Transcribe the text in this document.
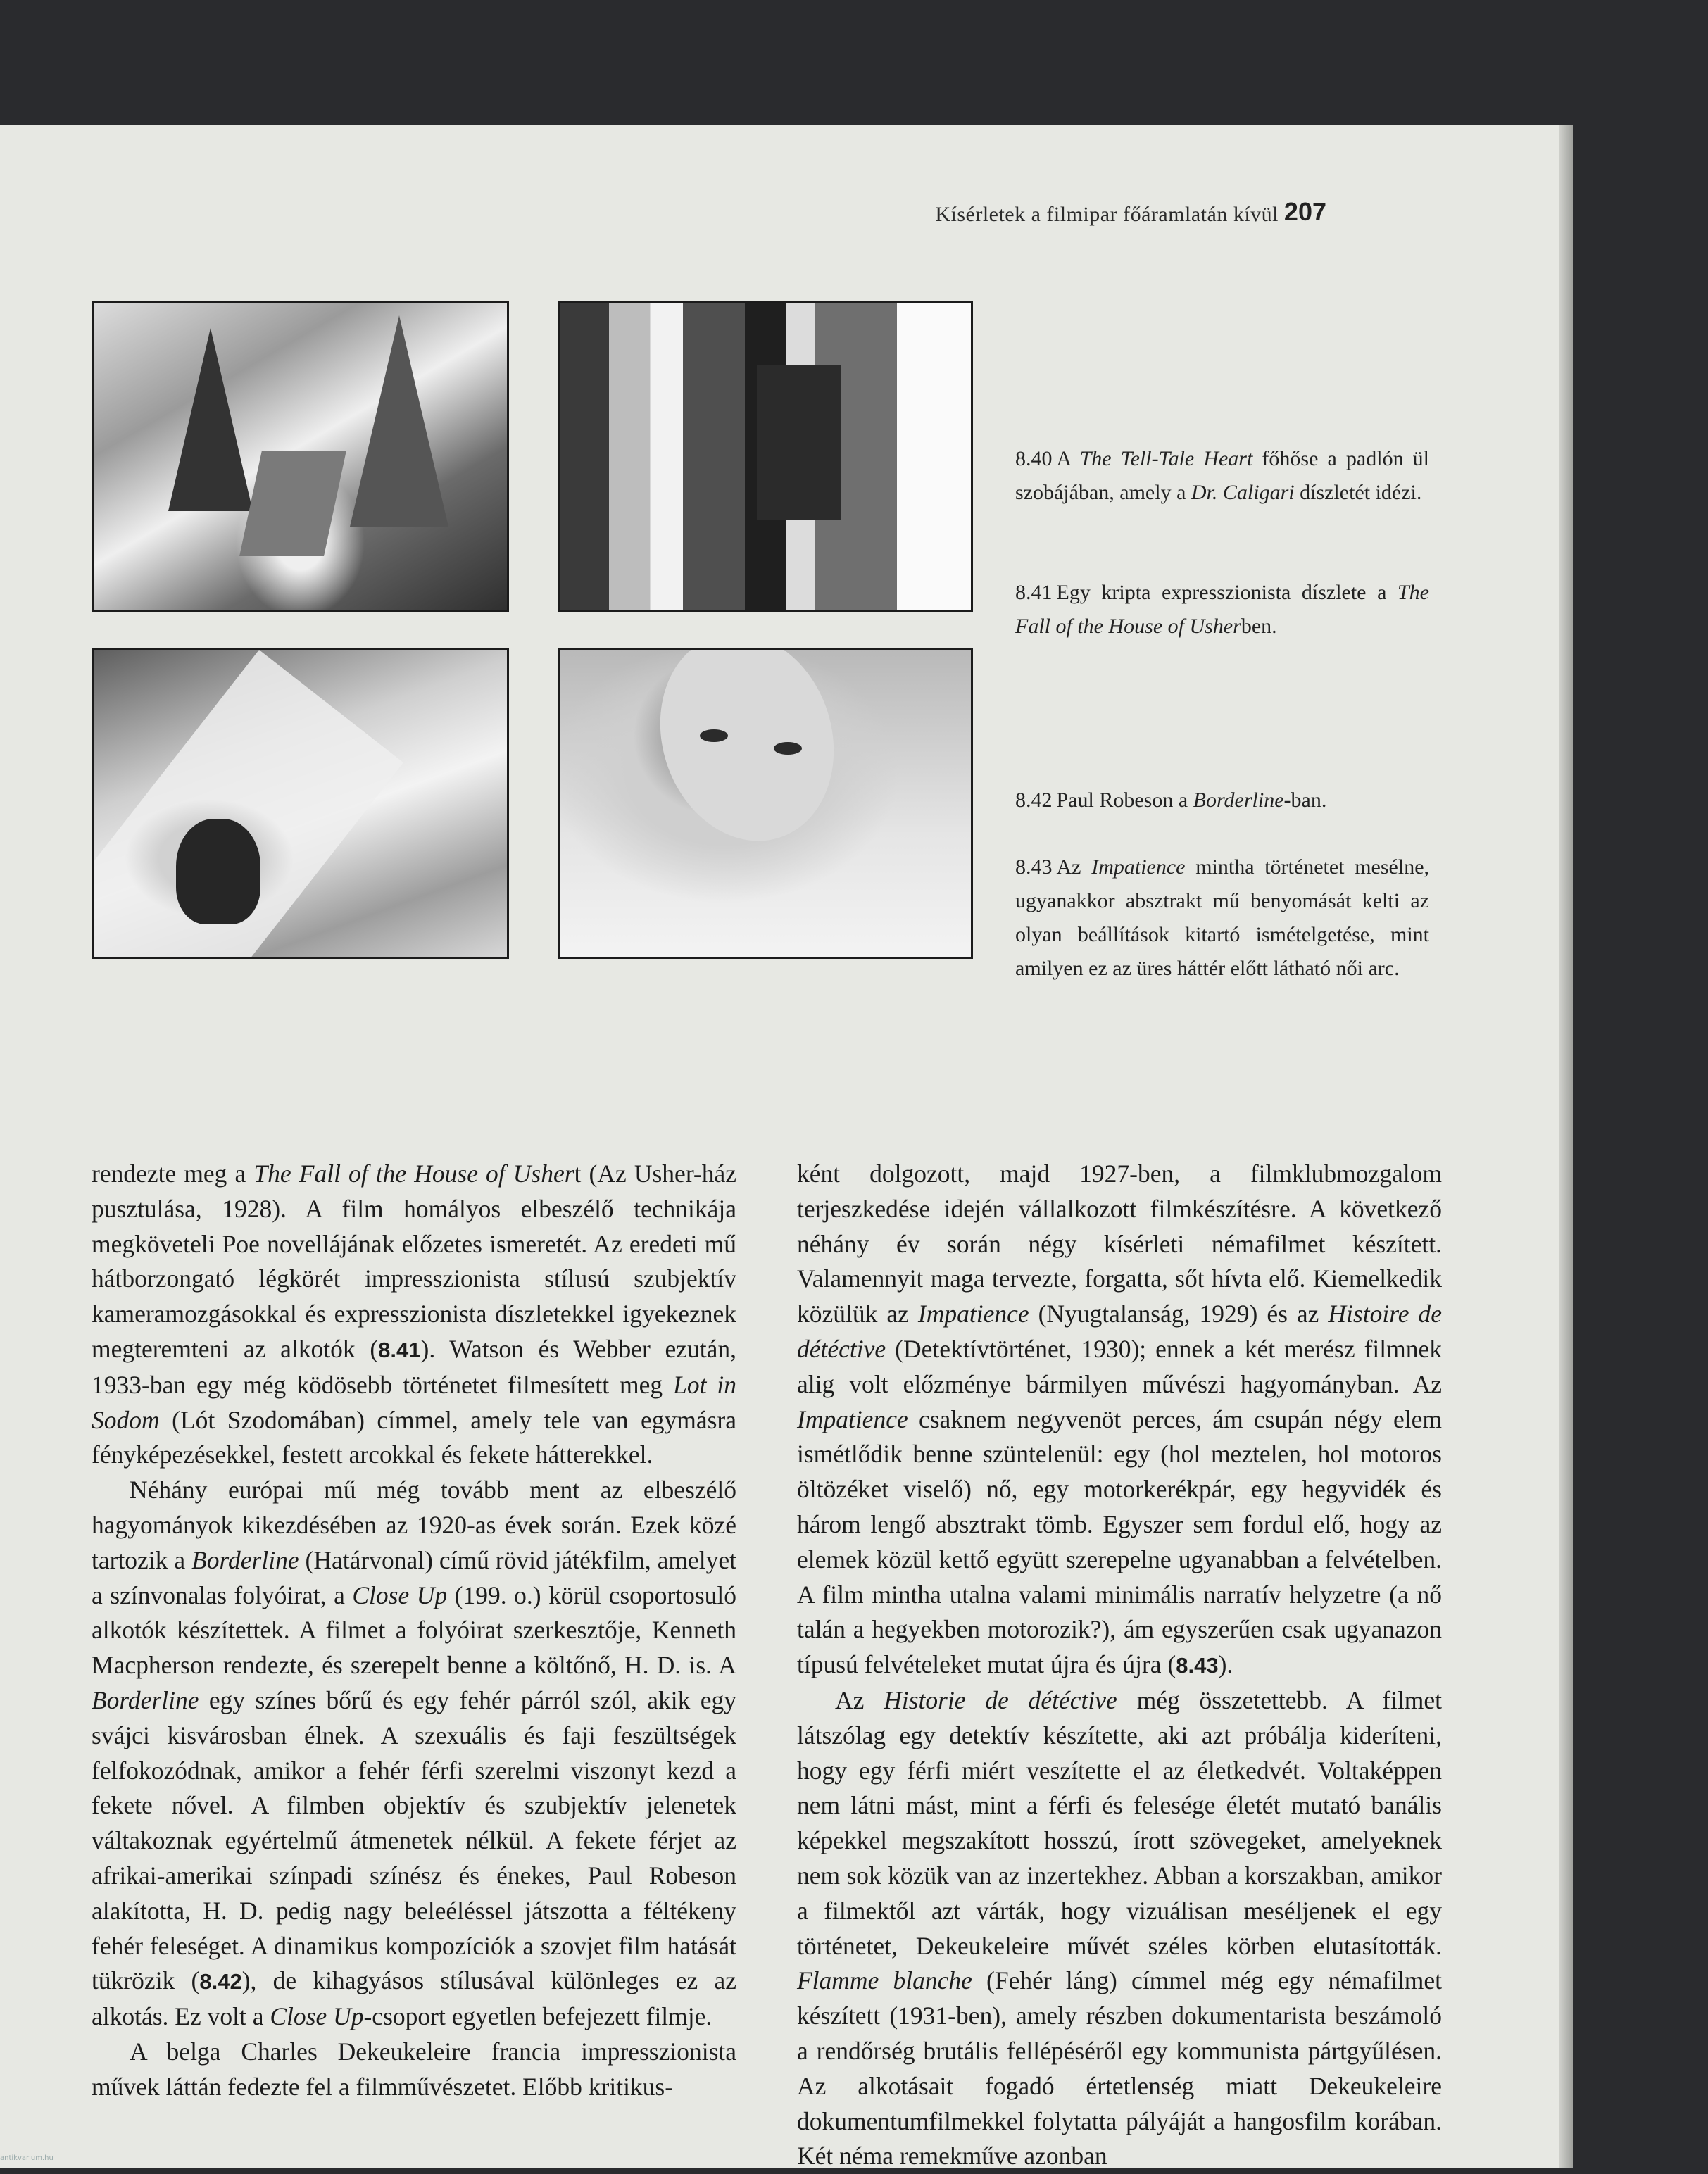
Kísérletek a filmipar főáramlatán kívül 207

8.40 A The Tell-Tale Heart főhőse a padlón ül szobájában, amely a Dr. Caligari díszletét idézi.

8.41 Egy kripta expresszionista díszlete a The Fall of the House of Usherben.

8.42 Paul Robeson a Borderline-ban.

8.43 Az Impatience mintha történetet mesélne, ugyanakkor absztrakt mű benyomását kelti az olyan beállítások kitartó ismételgetése, mint amilyen ez az üres háttér előtt látható női arc.

rendezte meg a The Fall of the House of Ushert (Az Usher-ház pusztulása, 1928). A film homályos elbeszélő technikája megköveteli Poe novellájának előzetes ismeretét. Az eredeti mű hátborzongató légkörét impresszionista stílusú szubjektív kameramozgásokkal és expresszionista díszletekkel igyekeznek megteremteni az alkotók (8.41). Watson és Webber ezután, 1933-ban egy még ködösebb történetet filmesített meg Lot in Sodom (Lót Szodomában) címmel, amely tele van egymásra fényképezésekkel, festett arcokkal és fekete hátterekkel.

Néhány európai mű még tovább ment az elbeszélő hagyományok kikezdésében az 1920-as évek során. Ezek közé tartozik a Borderline (Határvonal) című rövid játékfilm, amelyet a színvonalas folyóirat, a Close Up (199. o.) körül csoportosuló alkotók készítettek. A filmet a folyóirat szerkesztője, Kenneth Macpherson rendezte, és szerepelt benne a költőnő, H. D. is. A Borderline egy színes bőrű és egy fehér párról szól, akik egy svájci kisvárosban élnek. A szexuális és faji feszültségek felfokozódnak, amikor a fehér férfi szerelmi viszonyt kezd a fekete nővel. A filmben objektív és szubjektív jelenetek váltakoznak egyértelmű átmenetek nélkül. A fekete férjet az afrikai-amerikai színpadi színész és énekes, Paul Robeson alakította, H. D. pedig nagy beleéléssel játszotta a féltékeny fehér feleséget. A dinamikus kompozíciók a szovjet film hatását tükrözik (8.42), de kihagyásos stílusával különleges ez az alkotás. Ez volt a Close Up-csoport egyetlen befejezett filmje.

A belga Charles Dekeukeleire francia impresszionista művek láttán fedezte fel a filmművészetet. Előbb kritikus-

ként dolgozott, majd 1927-ben, a filmklubmozgalom terjeszkedése idején vállalkozott filmkészítésre. A következő néhány év során négy kísérleti némafilmet készített. Valamennyit maga tervezte, forgatta, sőt hívta elő. Kiemelkedik közülük az Impatience (Nyugtalanság, 1929) és az Histoire de détéctive (Detektívtörténet, 1930); ennek a két merész filmnek alig volt előzménye bármilyen művészi hagyományban. Az Impatience csaknem negyvenöt perces, ám csupán négy elem ismétlődik benne szüntelenül: egy (hol meztelen, hol motoros öltözéket viselő) nő, egy motorkerékpár, egy hegyvidék és három lengő absztrakt tömb. Egyszer sem fordul elő, hogy az elemek közül kettő együtt szerepelne ugyanabban a felvételben. A film mintha utalna valami minimális narratív helyzetre (a nő talán a hegyekben motorozik?), ám egyszerűen csak ugyanazon típusú felvételeket mutat újra és újra (8.43).

Az Historie de détéctive még összetettebb. A filmet látszólag egy detektív készítette, aki azt próbálja kideríteni, hogy egy férfi miért veszítette el az életkedvét. Voltaképpen nem látni mást, mint a férfi és felesége életét mutató banális képekkel megszakított hosszú, írott szövegeket, amelyeknek nem sok közük van az inzertekhez. Abban a korszakban, amikor a filmektől azt várták, hogy vizuálisan meséljenek el egy történetet, Dekeukeleire művét széles körben elutasították. Flamme blanche (Fehér láng) címmel még egy némafilmet készített (1931-ben), amely részben dokumentarista beszámoló a rendőrség brutális fellépéséről egy kommunista pártgyűlésen. Az alkotásait fogadó értetlenség miatt Dekeukeleire dokumentumfilmekkel folytatta pályáját a hangosfilm korában. Két néma remekműve azonban

antikvarium.hu
